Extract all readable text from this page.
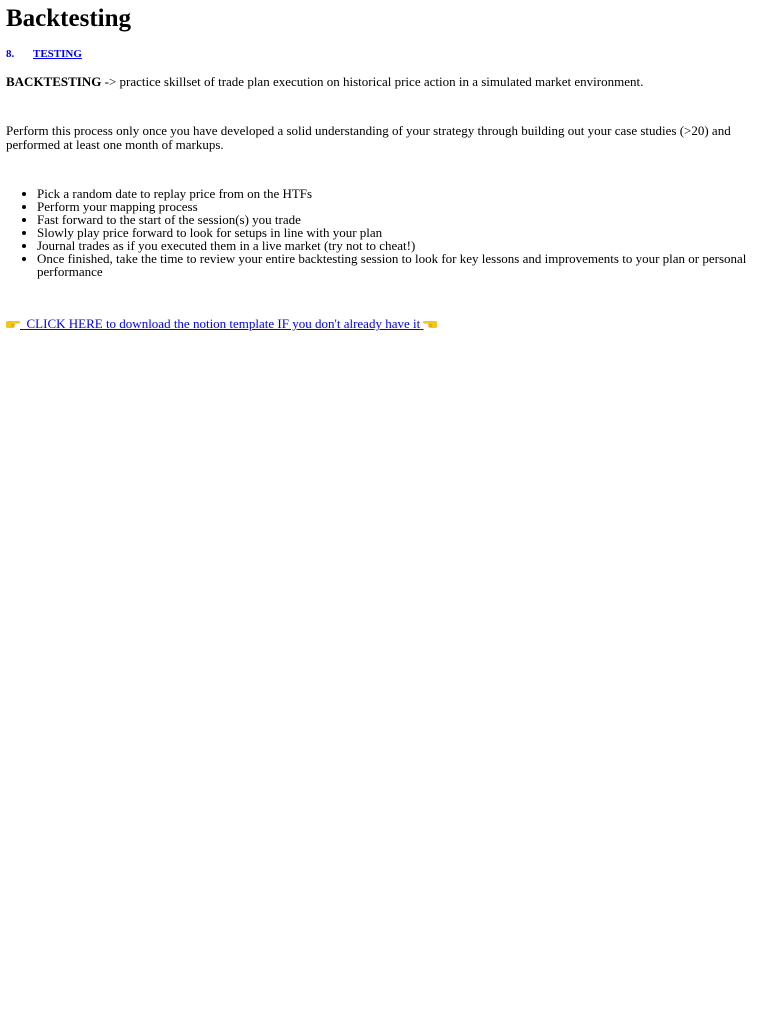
Backtesting
8. TESTING

BACKTESTING -> practice skillset of trade plan execution on historical price action in a simulated market environment.

Perform this process only once you have developed a solid understanding of your strategy through building out your case studies (>20) and performed at least one month of markups.

• Pick a random date to replay price from on the HTFs
• Perform your mapping process
• Fast forward to the start of the session(s) you trade
• Slowly play price forward to look for setups in line with your plan
• Journal trades as if you executed them in a live market (try not to cheat!)
• Once finished, take the time to review your entire backtesting session to look for key lessons and improvements to your plan or personal performance
CLICK HERE to download the notion template IF you don't already have it
